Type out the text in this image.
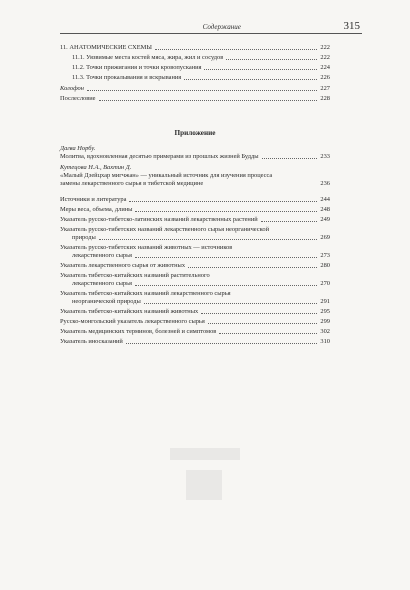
Содержание	315
11. АНАТОМИЧЕСКИЕ СХЕМЫ	222
11.1. Уязвимые места костей мяса, жира, жил и сосудов	222
11.2. Точки прижигания и точки кровопускания	224
11.3. Точки прокалывания и вскрывания	226
Колофон	227
Послесловие	228
Приложение
Дагва Норбу.
Молитва, вдохновленная десятью примерами из прошлых жизней Будды	233
Кутецова Н.А., Вахтин Д.
«Малый Дзейцхар мигчжан» — уникальный источник для изучения процесса
замены лекарственного сырья в тибетской медицине	236
Источники и литература	244
Меры веса, объема, длины	248
Указатель русско-тибетско-латинских названий лекарственных растений	249
Указатель русско-тибетских названий лекарственного сырья неорганической
природы	269
Указатель русско-тибетских названий животных — источников
лекарственного сырья	273
Указатель лекарственного сырья от животных	280
Указатель тибетско-китайских названий растительного
лекарственного сырья	270
Указатель тибетско-китайских названий лекарственного сырья
неорганической природы	291
Указатель тибетско-китайских названий животных	295
Русско-монгольский указатель лекарственного сырья	299
Указатель медицинских терминов, болезней и симптомов	302
Указатель иносказаний	310
